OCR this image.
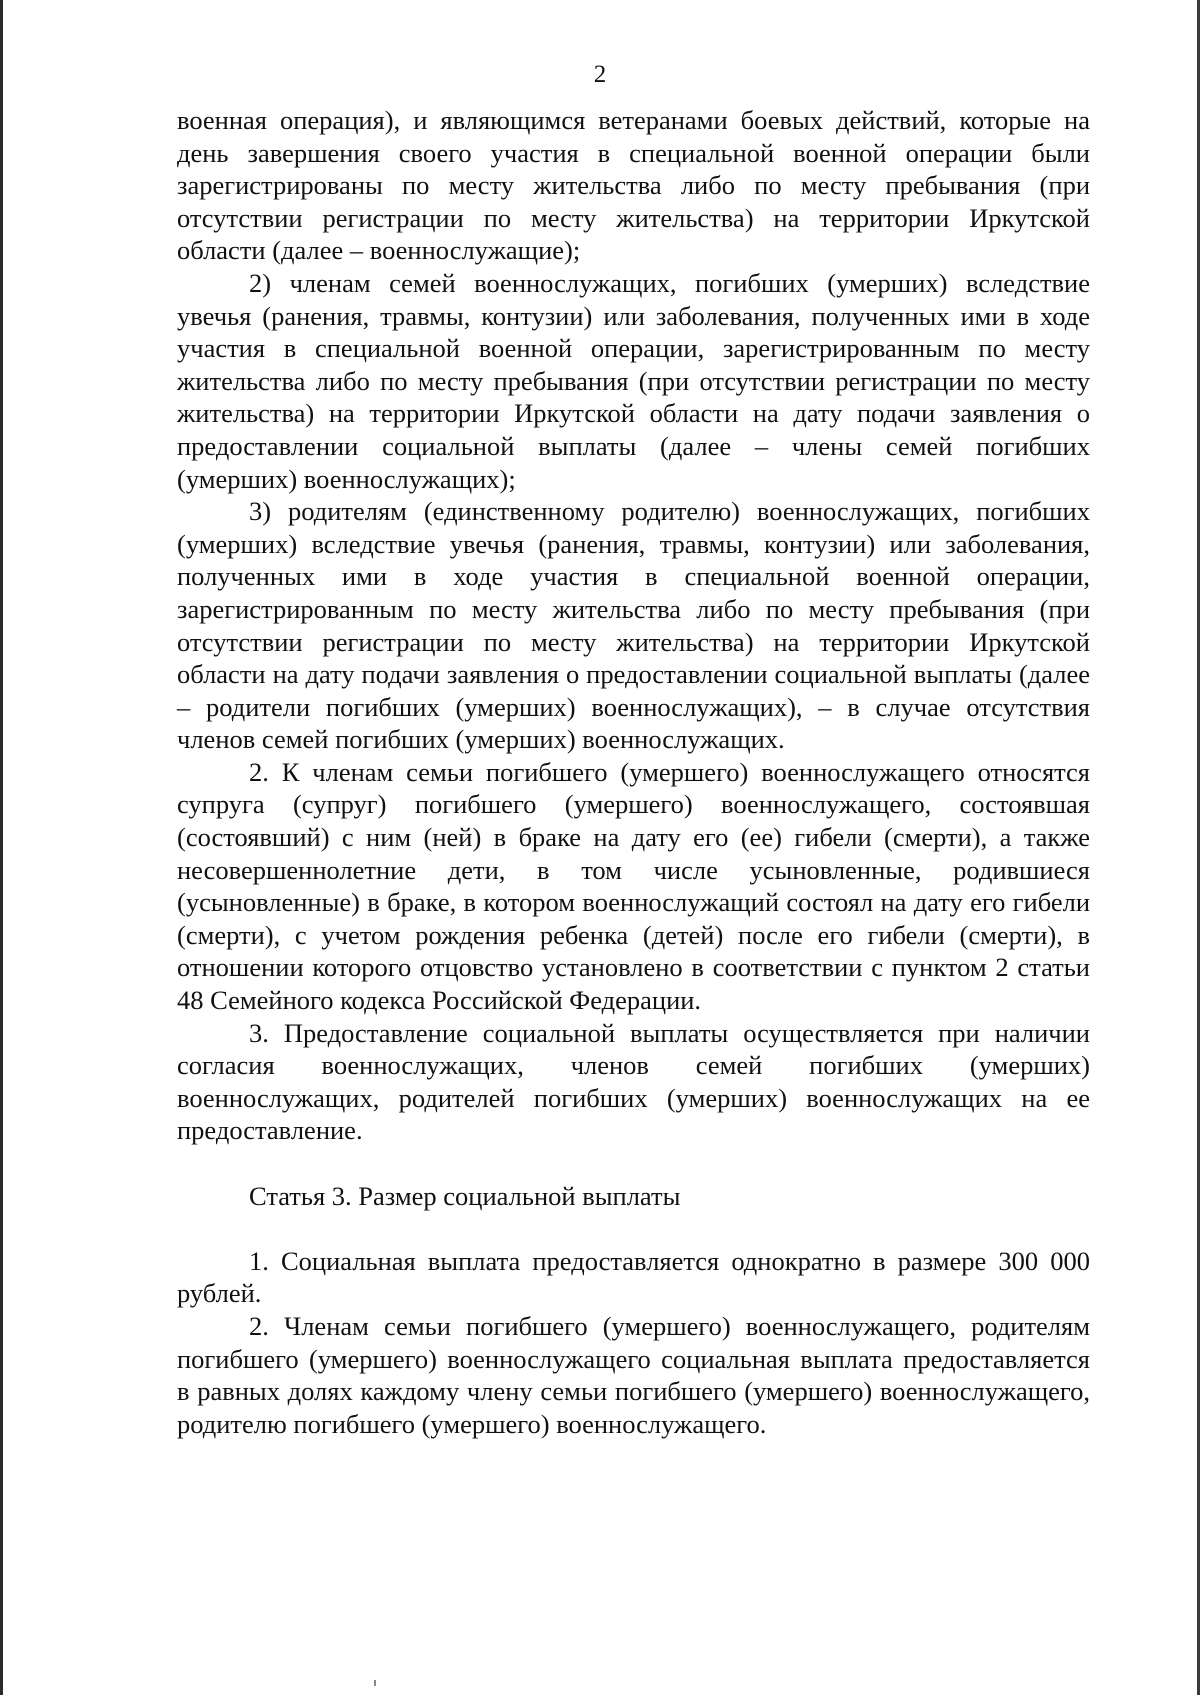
2

военная операция), и являющимся ветеранами боевых действий, которые на день завершения своего участия в специальной военной операции были зарегистрированы по месту жительства либо по месту пребывания (при отсутствии регистрации по месту жительства) на территории Иркутской области (далее – военнослужащие);

2) членам семей военнослужащих, погибших (умерших) вследствие увечья (ранения, травмы, контузии) или заболевания, полученных ими в ходе участия в специальной военной операции, зарегистрированным по месту жительства либо по месту пребывания (при отсутствии регистрации по месту жительства) на территории Иркутской области на дату подачи заявления о предоставлении социальной выплаты (далее – члены семей погибших (умерших) военнослужащих);

3) родителям (единственному родителю) военнослужащих, погибших (умерших) вследствие увечья (ранения, травмы, контузии) или заболевания, полученных ими в ходе участия в специальной военной операции, зарегистрированным по месту жительства либо по месту пребывания (при отсутствии регистрации по месту жительства) на территории Иркутской области на дату подачи заявления о предоставлении социальной выплаты (далее – родители погибших (умерших) военнослужащих), – в случае отсутствия членов семей погибших (умерших) военнослужащих.

2. К членам семьи погибшего (умершего) военнослужащего относятся супруга (супруг) погибшего (умершего) военнослужащего, состоявшая (состоявший) с ним (ней) в браке на дату его (ее) гибели (смерти), а также несовершеннолетние дети, в том числе усыновленные, родившиеся (усыновленные) в браке, в котором военнослужащий состоял на дату его гибели (смерти), с учетом рождения ребенка (детей) после его гибели (смерти), в отношении которого отцовство установлено в соответствии с пунктом 2 статьи 48 Семейного кодекса Российской Федерации.

3. Предоставление социальной выплаты осуществляется при наличии согласия военнослужащих, членов семей погибших (умерших) военнослужащих, родителей погибших (умерших) военнослужащих на ее предоставление.

Статья 3. Размер социальной выплаты

1. Социальная выплата предоставляется однократно в размере 300 000 рублей.

2. Членам семьи погибшего (умершего) военнослужащего, родителям погибшего (умершего) военнослужащего социальная выплата предоставляется в равных долях каждому члену семьи погибшего (умершего) военнослужащего, родителю погибшего (умершего) военнослужащего.
